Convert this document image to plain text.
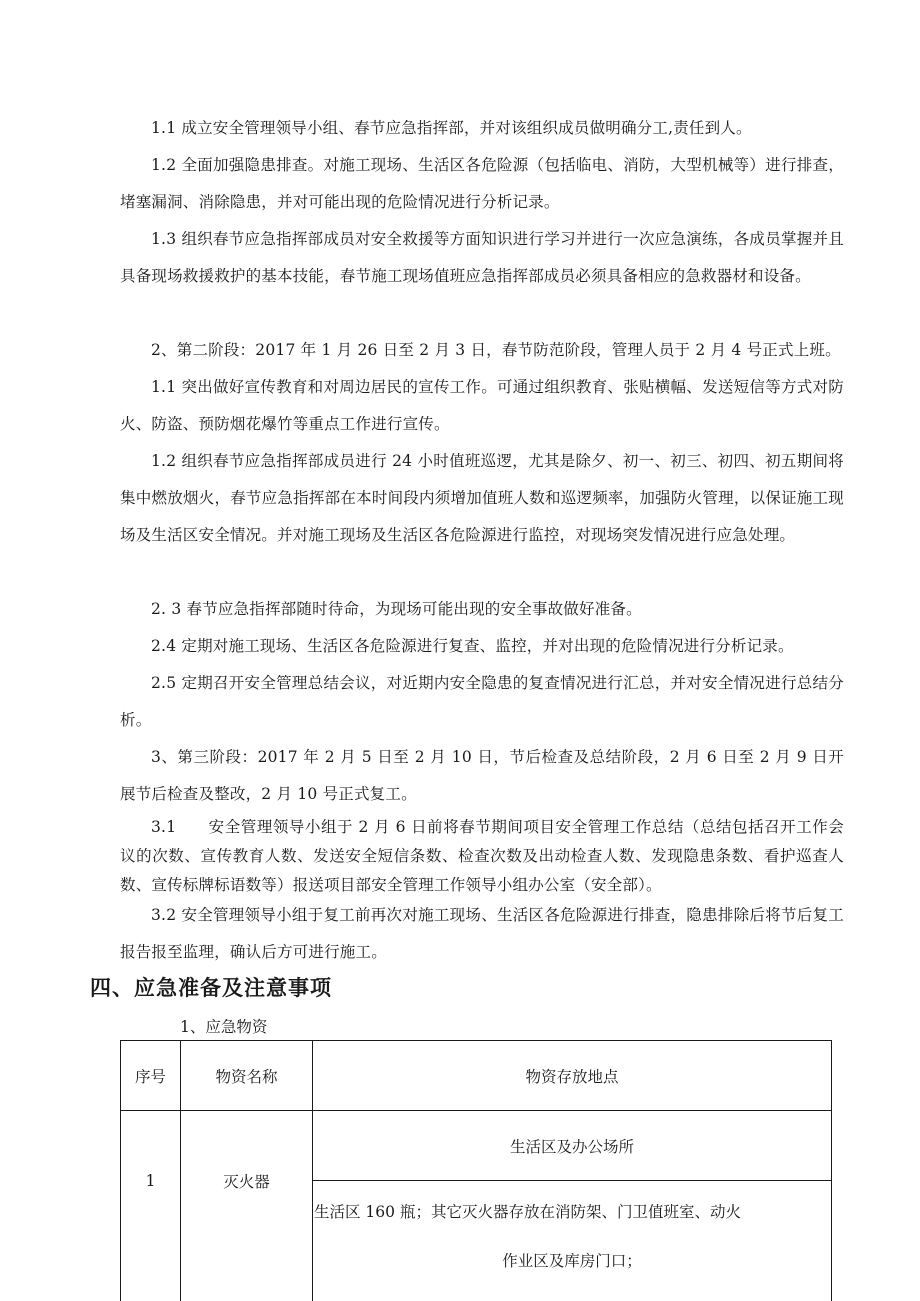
1.1 成立安全管理领导小组、春节应急指挥部，并对该组织成员做明确分工,责任到人。

1.2 全面加强隐患排查。对施工现场、生活区各危险源（包括临电、消防，大型机械等）进行排查，堵塞漏洞、消除隐患，并对可能出现的危险情况进行分析记录。

1.3 组织春节应急指挥部成员对安全救援等方面知识进行学习并进行一次应急演练，各成员掌握并且具备现场救援救护的基本技能，春节施工现场值班应急指挥部成员必须具备相应的急救器材和设备。

2、第二阶段：2017 年 1 月 26 日至 2 月 3 日，春节防范阶段，管理人员于 2 月 4 号正式上班。

1.1 突出做好宣传教育和对周边居民的宣传工作。可通过组织教育、张贴横幅、发送短信等方式对防火、防盗、预防烟花爆竹等重点工作进行宣传。

1.2 组织春节应急指挥部成员进行 24 小时值班巡逻，尤其是除夕、初一、初三、初四、初五期间将集中燃放烟火，春节应急指挥部在本时间段内须增加值班人数和巡逻频率，加强防火管理，以保证施工现场及生活区安全情况。并对施工现场及生活区各危险源进行监控，对现场突发情况进行应急处理。

2. 3 春节应急指挥部随时待命，为现场可能出现的安全事故做好准备。

2.4 定期对施工现场、生活区各危险源进行复查、监控，并对出现的危险情况进行分析记录。

2.5 定期召开安全管理总结会议，对近期内安全隐患的复查情况进行汇总，并对安全情况进行总结分析。

3、第三阶段：2017 年 2 月 5 日至 2 月 10 日，节后检查及总结阶段，2 月 6 日至 2 月 9 日开展节后检查及整改，2 月 10 号正式复工。

3.1　　安全管理领导小组于 2 月 6 日前将春节期间项目安全管理工作总结（总结包括召开工作会议的次数、宣传教育人数、发送安全短信条数、检查次数及出动检查人数、发现隐患条数、看护巡查人数、宣传标牌标语数等）报送项目部安全管理工作领导小组办公室（安全部）。

3.2 安全管理领导小组于复工前再次对施工现场、生活区各危险源进行排查，隐患排除后将节后复工报告报至监理，确认后方可进行施工。

四、应急准备及注意事项
1、应急物资
序号	物资名称	物资存放地点
1	灭火器
生活区及办公场所
生活区 160 瓶；其它灭火器存放在消防架、门卫值班室、动火
作业区及库房门口；
